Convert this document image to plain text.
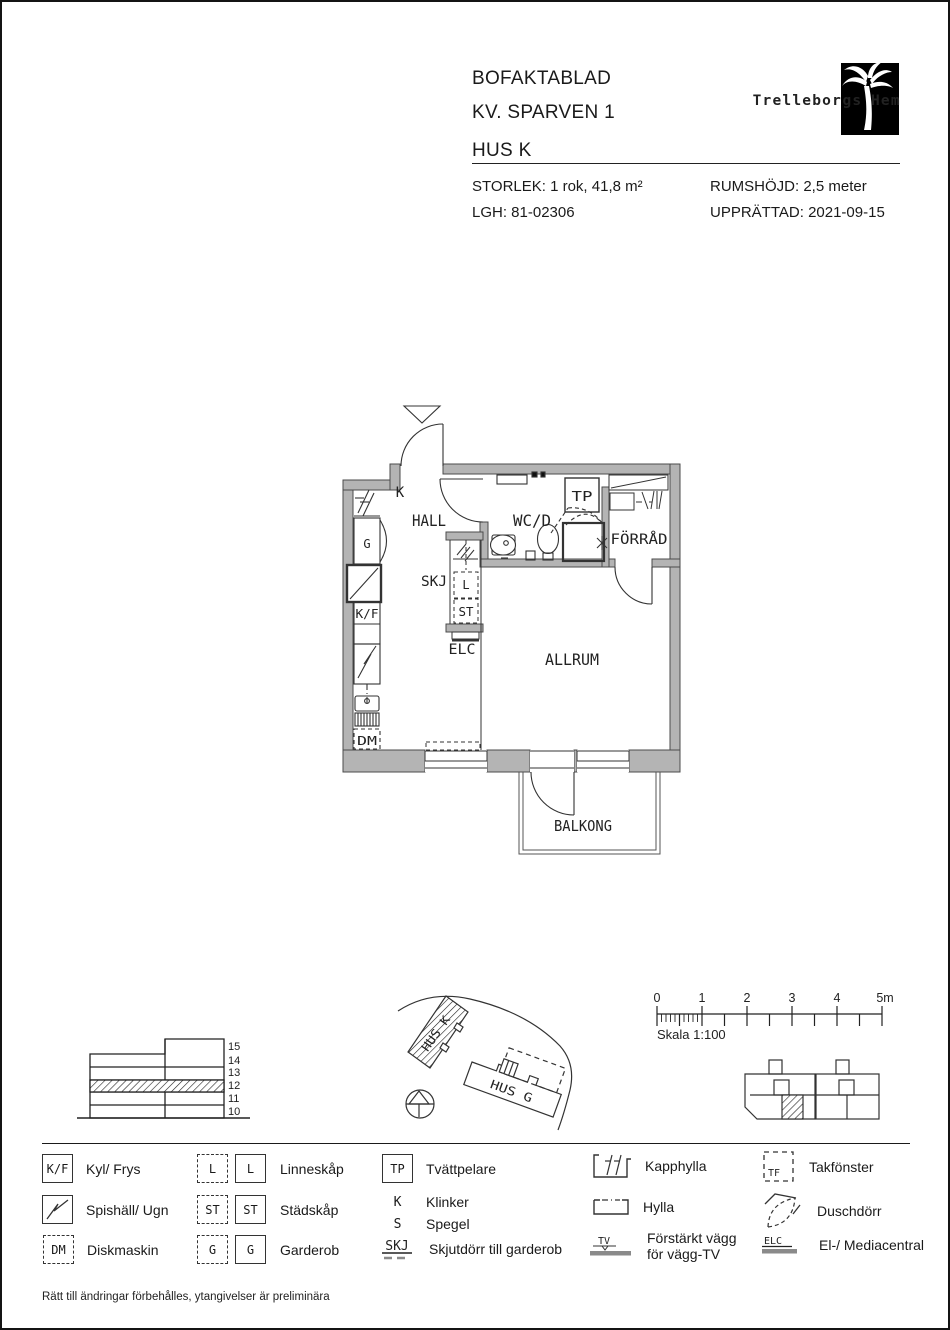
BOFAKTABLAD
KV. SPARVEN 1
HUS K
STORLEK: 1 rok, 41,8 m²	RUMSHÖJD: 2,5 meter
LGH: 81-02306	UPPRÄTTAD: 2021-09-15
Trellebor gs Hem
K
HALL	WC/D
TP
FÖRRÅD
SKJ L
ST
ELC	ALLRUM
BALKONG
G
K/F
DM
15
14
13
12
11
10
HUS K
HUS G
0	1	2	3	4	5m
Skala 1:100
K/F	Kyl/ Frys
Spishäll/ Ugn
DM	Diskmaskin
L	L	Linneskåp
ST	ST	Städskåp
G	G	Garderob
TP	Tvättpelare
K	Klinker
S	Spegel
SKJ Skjutdörr till garderob
Kapphylla
Hylla
TV	Förstärkt vägg
för vägg-TV
TF Takfönster
Duschdörr
ELC	El-/ Mediacentral
Rätt till ändringar förbehålles, ytangivelser är preliminära
